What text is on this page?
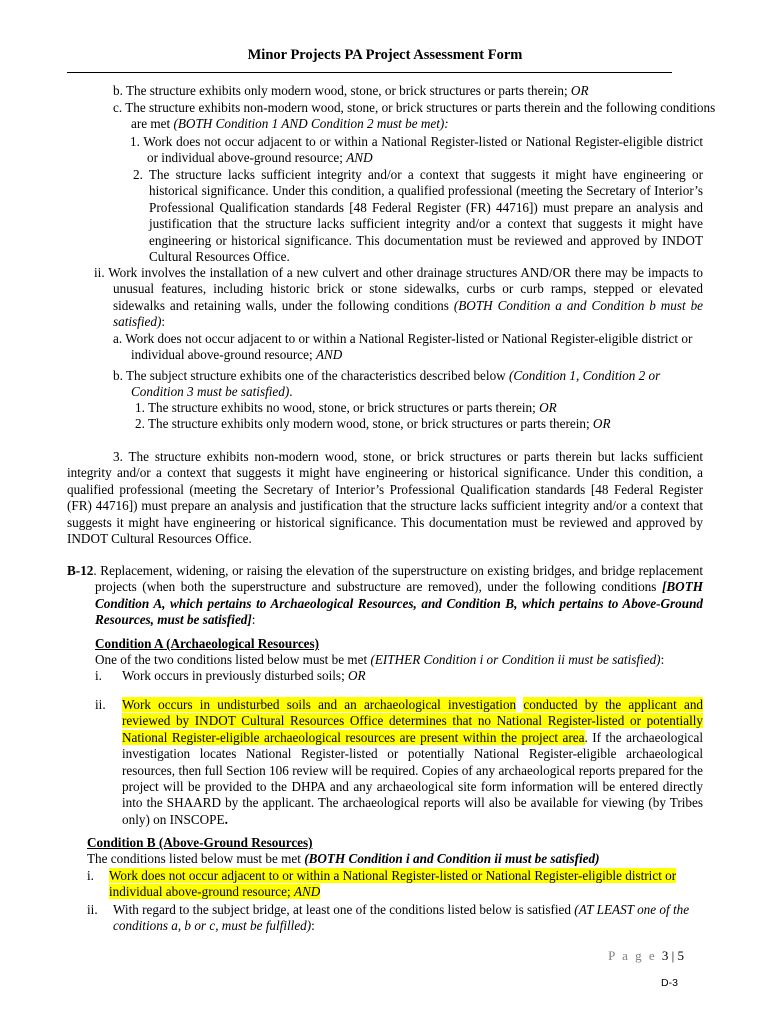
Minor Projects PA Project Assessment Form
b. The structure exhibits only modern wood, stone, or brick structures or parts therein; OR
c. The structure exhibits non-modern wood, stone, or brick structures or parts therein and the following conditions are met (BOTH Condition 1 AND Condition 2 must be met):
1. Work does not occur adjacent to or within a National Register-listed or National Register-eligible district or individual above-ground resource; AND
2. The structure lacks sufficient integrity and/or a context that suggests it might have engineering or historical significance. Under this condition, a qualified professional (meeting the Secretary of Interior’s Professional Qualification standards [48 Federal Register (FR) 44716]) must prepare an analysis and justification that the structure lacks sufficient integrity and/or a context that suggests it might have engineering or historical significance. This documentation must be reviewed and approved by INDOT Cultural Resources Office.
ii. Work involves the installation of a new culvert and other drainage structures AND/OR there may be impacts to unusual features, including historic brick or stone sidewalks, curbs or curb ramps, stepped or elevated sidewalks and retaining walls, under the following conditions (BOTH Condition a and Condition b must be satisfied):
a. Work does not occur adjacent to or within a National Register-listed or National Register-eligible district or individual above-ground resource; AND
b. The subject structure exhibits one of the characteristics described below (Condition 1, Condition 2 or Condition 3 must be satisfied).
1. The structure exhibits no wood, stone, or brick structures or parts therein; OR
2. The structure exhibits only modern wood, stone, or brick structures or parts therein; OR
3. The structure exhibits non-modern wood, stone, or brick structures or parts therein but lacks sufficient integrity and/or a context that suggests it might have engineering or historical significance. Under this condition, a qualified professional (meeting the Secretary of Interior’s Professional Qualification standards [48 Federal Register (FR) 44716]) must prepare an analysis and justification that the structure lacks sufficient integrity and/or a context that suggests it might have engineering or historical significance. This documentation must be reviewed and approved by INDOT Cultural Resources Office.
B-12. Replacement, widening, or raising the elevation of the superstructure on existing bridges, and bridge replacement projects (when both the superstructure and substructure are removed), under the following conditions [BOTH Condition A, which pertains to Archaeological Resources, and Condition B, which pertains to Above-Ground Resources, must be satisfied]:
Condition A (Archaeological Resources)
One of the two conditions listed below must be met (EITHER Condition i or Condition ii must be satisfied):
i. Work occurs in previously disturbed soils; OR
ii. Work occurs in undisturbed soils and an archaeological investigation conducted by the applicant and reviewed by INDOT Cultural Resources Office determines that no National Register-listed or potentially National Register-eligible archaeological resources are present within the project area. If the archaeological investigation locates National Register-listed or potentially National Register-eligible archaeological resources, then full Section 106 review will be required. Copies of any archaeological reports prepared for the project will be provided to the DHPA and any archaeological site form information will be entered directly into the SHAARD by the applicant. The archaeological reports will also be available for viewing (by Tribes only) on INSCOPE.
Condition B (Above-Ground Resources)
The conditions listed below must be met (BOTH Condition i and Condition ii must be satisfied)
i. Work does not occur adjacent to or within a National Register-listed or National Register-eligible district or individual above-ground resource; AND
ii. With regard to the subject bridge, at least one of the conditions listed below is satisfied (AT LEAST one of the conditions a, b or c, must be fulfilled):
P a g e 3 | 5
D-3
